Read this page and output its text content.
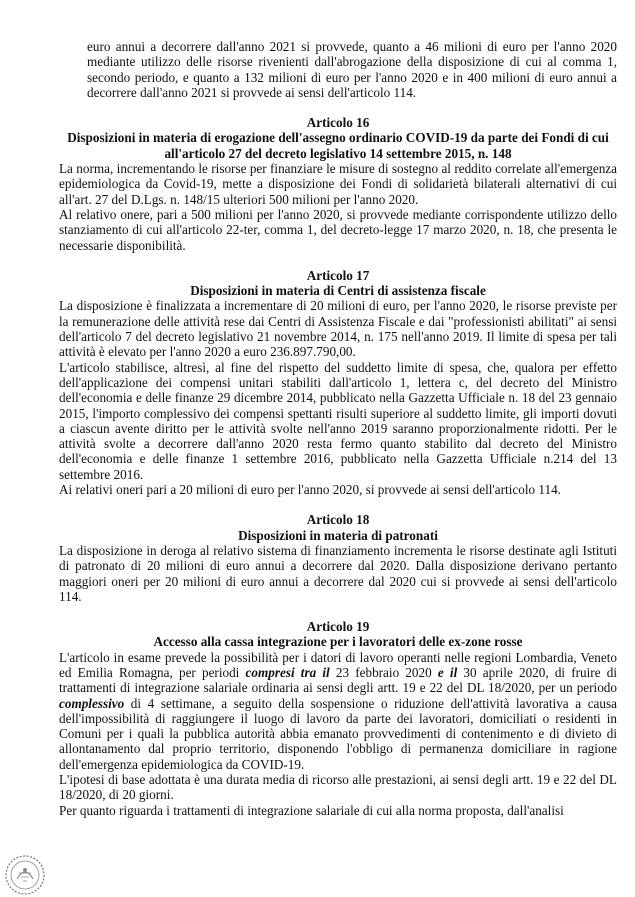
euro annui a decorrere dall'anno 2021 si provvede, quanto a 46 milioni di euro per l'anno 2020 mediante utilizzo delle risorse rivenienti dall'abrogazione della disposizione di cui al comma 1, secondo periodo, e quanto a 132 milioni di euro per l'anno 2020 e in 400 milioni di euro annui a decorrere dall'anno 2021 si provvede ai sensi dell'articolo 114.

Articolo 16
Disposizioni in materia di erogazione dell'assegno ordinario COVID-19 da parte dei Fondi di cui all'articolo 27 del decreto legislativo 14 settembre 2015, n. 148

La norma, incrementando le risorse per finanziare le misure di sostegno al reddito correlate all'emergenza epidemiologica da Covid-19, mette a disposizione dei Fondi di solidarietà bilaterali alternativi di cui all'art. 27 del D.Lgs. n. 148/15 ulteriori 500 milioni per l'anno 2020.

Al relativo onere, pari a 500 milioni per l'anno 2020, si provvede mediante corrispondente utilizzo dello stanziamento di cui all'articolo 22-ter, comma 1, del decreto-legge 17 marzo 2020, n. 18, che presenta le necessarie disponibilità.

Articolo 17
Disposizioni in materia di Centri di assistenza fiscale

La disposizione è finalizzata a incrementare di 20 milioni di euro, per l'anno 2020, le risorse previste per la remunerazione delle attività rese dai Centri di Assistenza Fiscale e dai "professionisti abilitati" ai sensi dell'articolo 7 del decreto legislativo 21 novembre 2014, n. 175 nell'anno 2019. Il limite di spesa per tali attività è elevato per l'anno 2020 a euro 236.897.790,00.

L'articolo stabilisce, altresì, al fine del rispetto del suddetto limite di spesa, che, qualora per effetto dell'applicazione dei compensi unitari stabiliti dall'articolo 1, lettera c, del decreto del Ministro dell'economia e delle finanze 29 dicembre 2014, pubblicato nella Gazzetta Ufficiale n. 18 del 23 gennaio 2015, l'importo complessivo dei compensi spettanti risulti superiore al suddetto limite, gli importi dovuti a ciascun avente diritto per le attività svolte nell'anno 2019 saranno proporzionalmente ridotti. Per le attività svolte a decorrere dall'anno 2020 resta fermo quanto stabilito dal decreto del Ministro dell'economia e delle finanze 1 settembre 2016, pubblicato nella Gazzetta Ufficiale n.214 del 13 settembre 2016.

Ai relativi oneri pari a 20 milioni di euro per l'anno 2020, si provvede ai sensi dell'articolo 114.

Articolo 18
Disposizioni in materia di patronati

La disposizione in deroga al relativo sistema di finanziamento incrementa le risorse destinate agli Istituti di patronato di 20 milioni di euro annui a decorrere dal 2020. Dalla disposizione derivano pertanto maggiori oneri per 20 milioni di euro annui a decorrere dal 2020 cui si provvede ai sensi dell'articolo 114.

Articolo 19
Accesso alla cassa integrazione per i lavoratori delle ex-zone rosse

L'articolo in esame prevede la possibilità per i datori di lavoro operanti nelle regioni Lombardia, Veneto ed Emilia Romagna, per periodi compresi tra il 23 febbraio 2020 e il 30 aprile 2020, di fruire di trattamenti di integrazione salariale ordinaria ai sensi degli artt. 19 e 22 del DL 18/2020, per un periodo complessivo di 4 settimane, a seguito della sospensione o riduzione dell'attività lavorativa a causa dell'impossibilità di raggiungere il luogo di lavoro da parte dei lavoratori, domiciliati o residenti in Comuni per i quali la pubblica autorità abbia emanato provvedimenti di contenimento e di divieto di allontanamento dal proprio territorio, disponendo l'obbligo di permanenza domiciliare in ragione dell'emergenza epidemiologica da COVID-19.

L'ipotesi di base adottata è una durata media di ricorso alle prestazioni, ai sensi degli artt. 19 e 22 del DL 18/2020, di 20 giorni.

Per quanto riguarda i trattamenti di integrazione salariale di cui alla norma proposta, dall'analisi
